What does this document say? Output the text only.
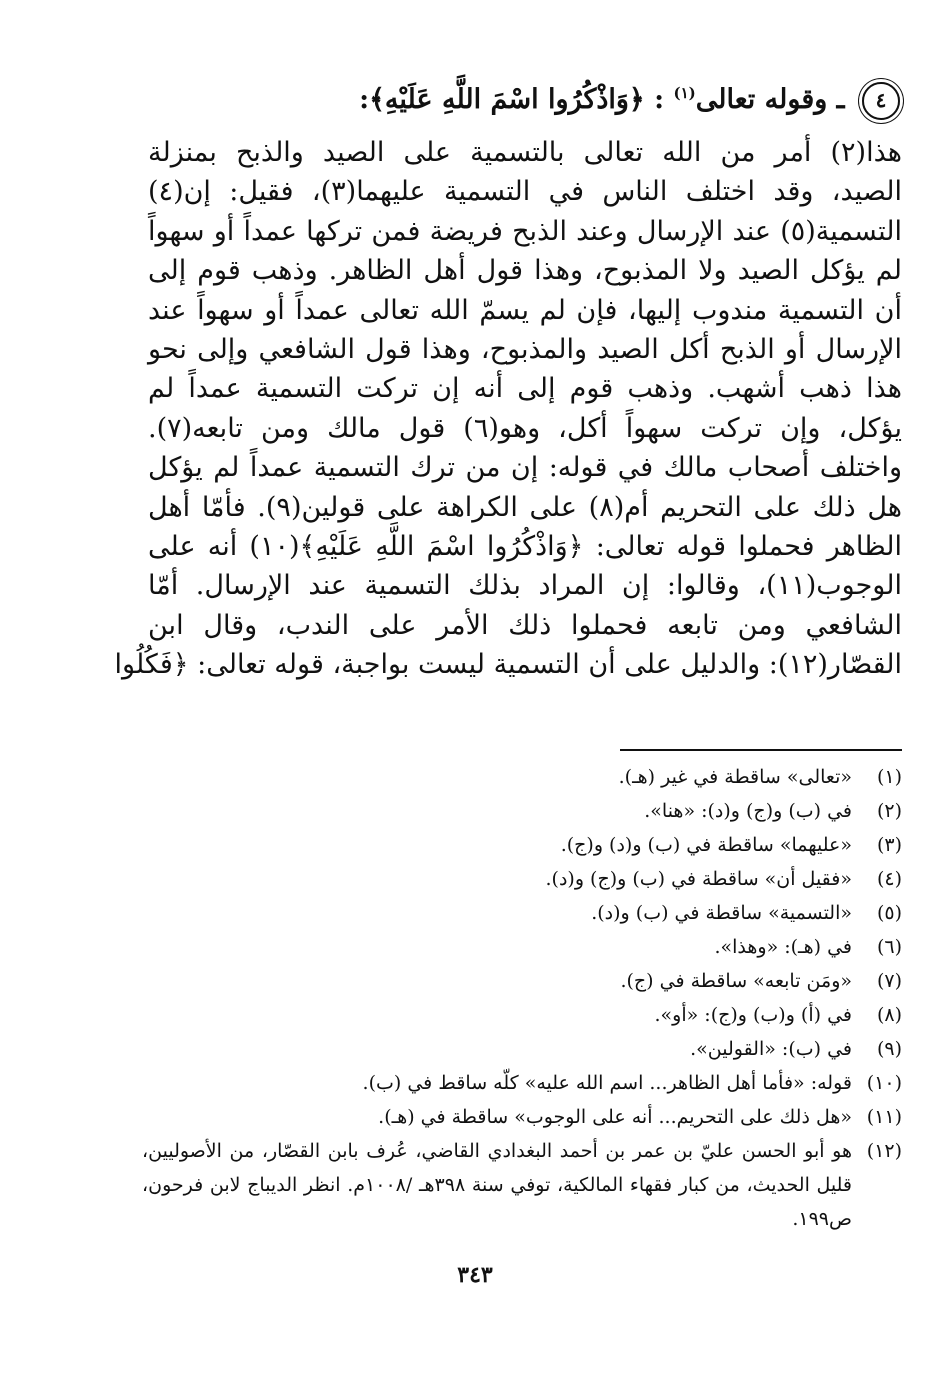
٤ ـ وقوله تعالى$^{(١)}$ : ﴿وَاذْكُرُوا اسْمَ اللَّهِ عَلَيْهِ﴾:
هذا(٢) أمر من الله تعالى بالتسمية على الصيد والذبح بمنزلة
الصيد، وقد اختلف الناس في التسمية عليهما(٣)، فقيل: إن(٤)
التسمية(٥) عند الإرسال وعند الذبح فريضة فمن تركها عمداً أو سهواً
لم يؤكل الصيد ولا المذبوح، وهذا قول أهل الظاهر. وذهب قوم إلى
أن التسمية مندوب إليها، فإن لم يسمّ الله تعالى عمداً أو سهواً عند
الإرسال أو الذبح أكل الصيد والمذبوح، وهذا قول الشافعي وإلى نحو
هذا ذهب أشهب. وذهب قوم إلى أنه إن تركت التسمية عمداً لم
يؤكل، وإن تركت سهواً أكل، وهو(٦) قول مالك ومن تابعه(٧).
واختلف أصحاب مالك في قوله: إن من ترك التسمية عمداً لم يؤكل
هل ذلك على التحريم أم(٨) على الكراهة على قولين(٩). فأمّا أهل
الظاهر فحملوا قوله تعالى: ﴿وَاذْكُرُوا اسْمَ اللَّهِ عَلَيْهِ﴾(١٠) أنه على
الوجوب(١١)، وقالوا: إن المراد بذلك التسمية عند الإرسال. أمّا
الشافعي ومن تابعه فحملوا ذلك الأمر على الندب، وقال ابن
القصّار(١٢): والدليل على أن التسمية ليست بواجبة، قوله تعالى: ﴿فَكُلُوا
(١)
«تعالى» ساقطة في غير (هـ).
(٢)
في (ب) و(ج) و(د): «هنا».
(٣)
«عليهما» ساقطة في (ب) و(د) و(ج).
(٤)
«فقيل أن» ساقطة في (ب) و(ج) و(د).
(٥)
«التسمية» ساقطة في (ب) و(د).
(٦)
في (هـ): «وهذا».
(٧)
«ومَن تابعه» ساقطة في (ج).
(٨)
في (أ) و(ب) و(ج): «أو».
(٩)
في (ب): «القولين».
(١٠)
قوله: «فأما أهل الظاهر... اسم الله عليه» كلّه ساقط في (ب).
(١١)
«هل ذلك على التحريم... أنه على الوجوب» ساقطة في (هـ).
(١٢)
هو أبو الحسن عليّ بن عمر بن أحمد البغدادي القاضي، عُرف بابن القصّار، من الأصوليين، قليل الحديث، من كبار فقهاء المالكية، توفي سنة ٣٩٨هـ /١٠٠٨م. انظر الديباج لابن فرحون، ص١٩٩.
٣٤٣
